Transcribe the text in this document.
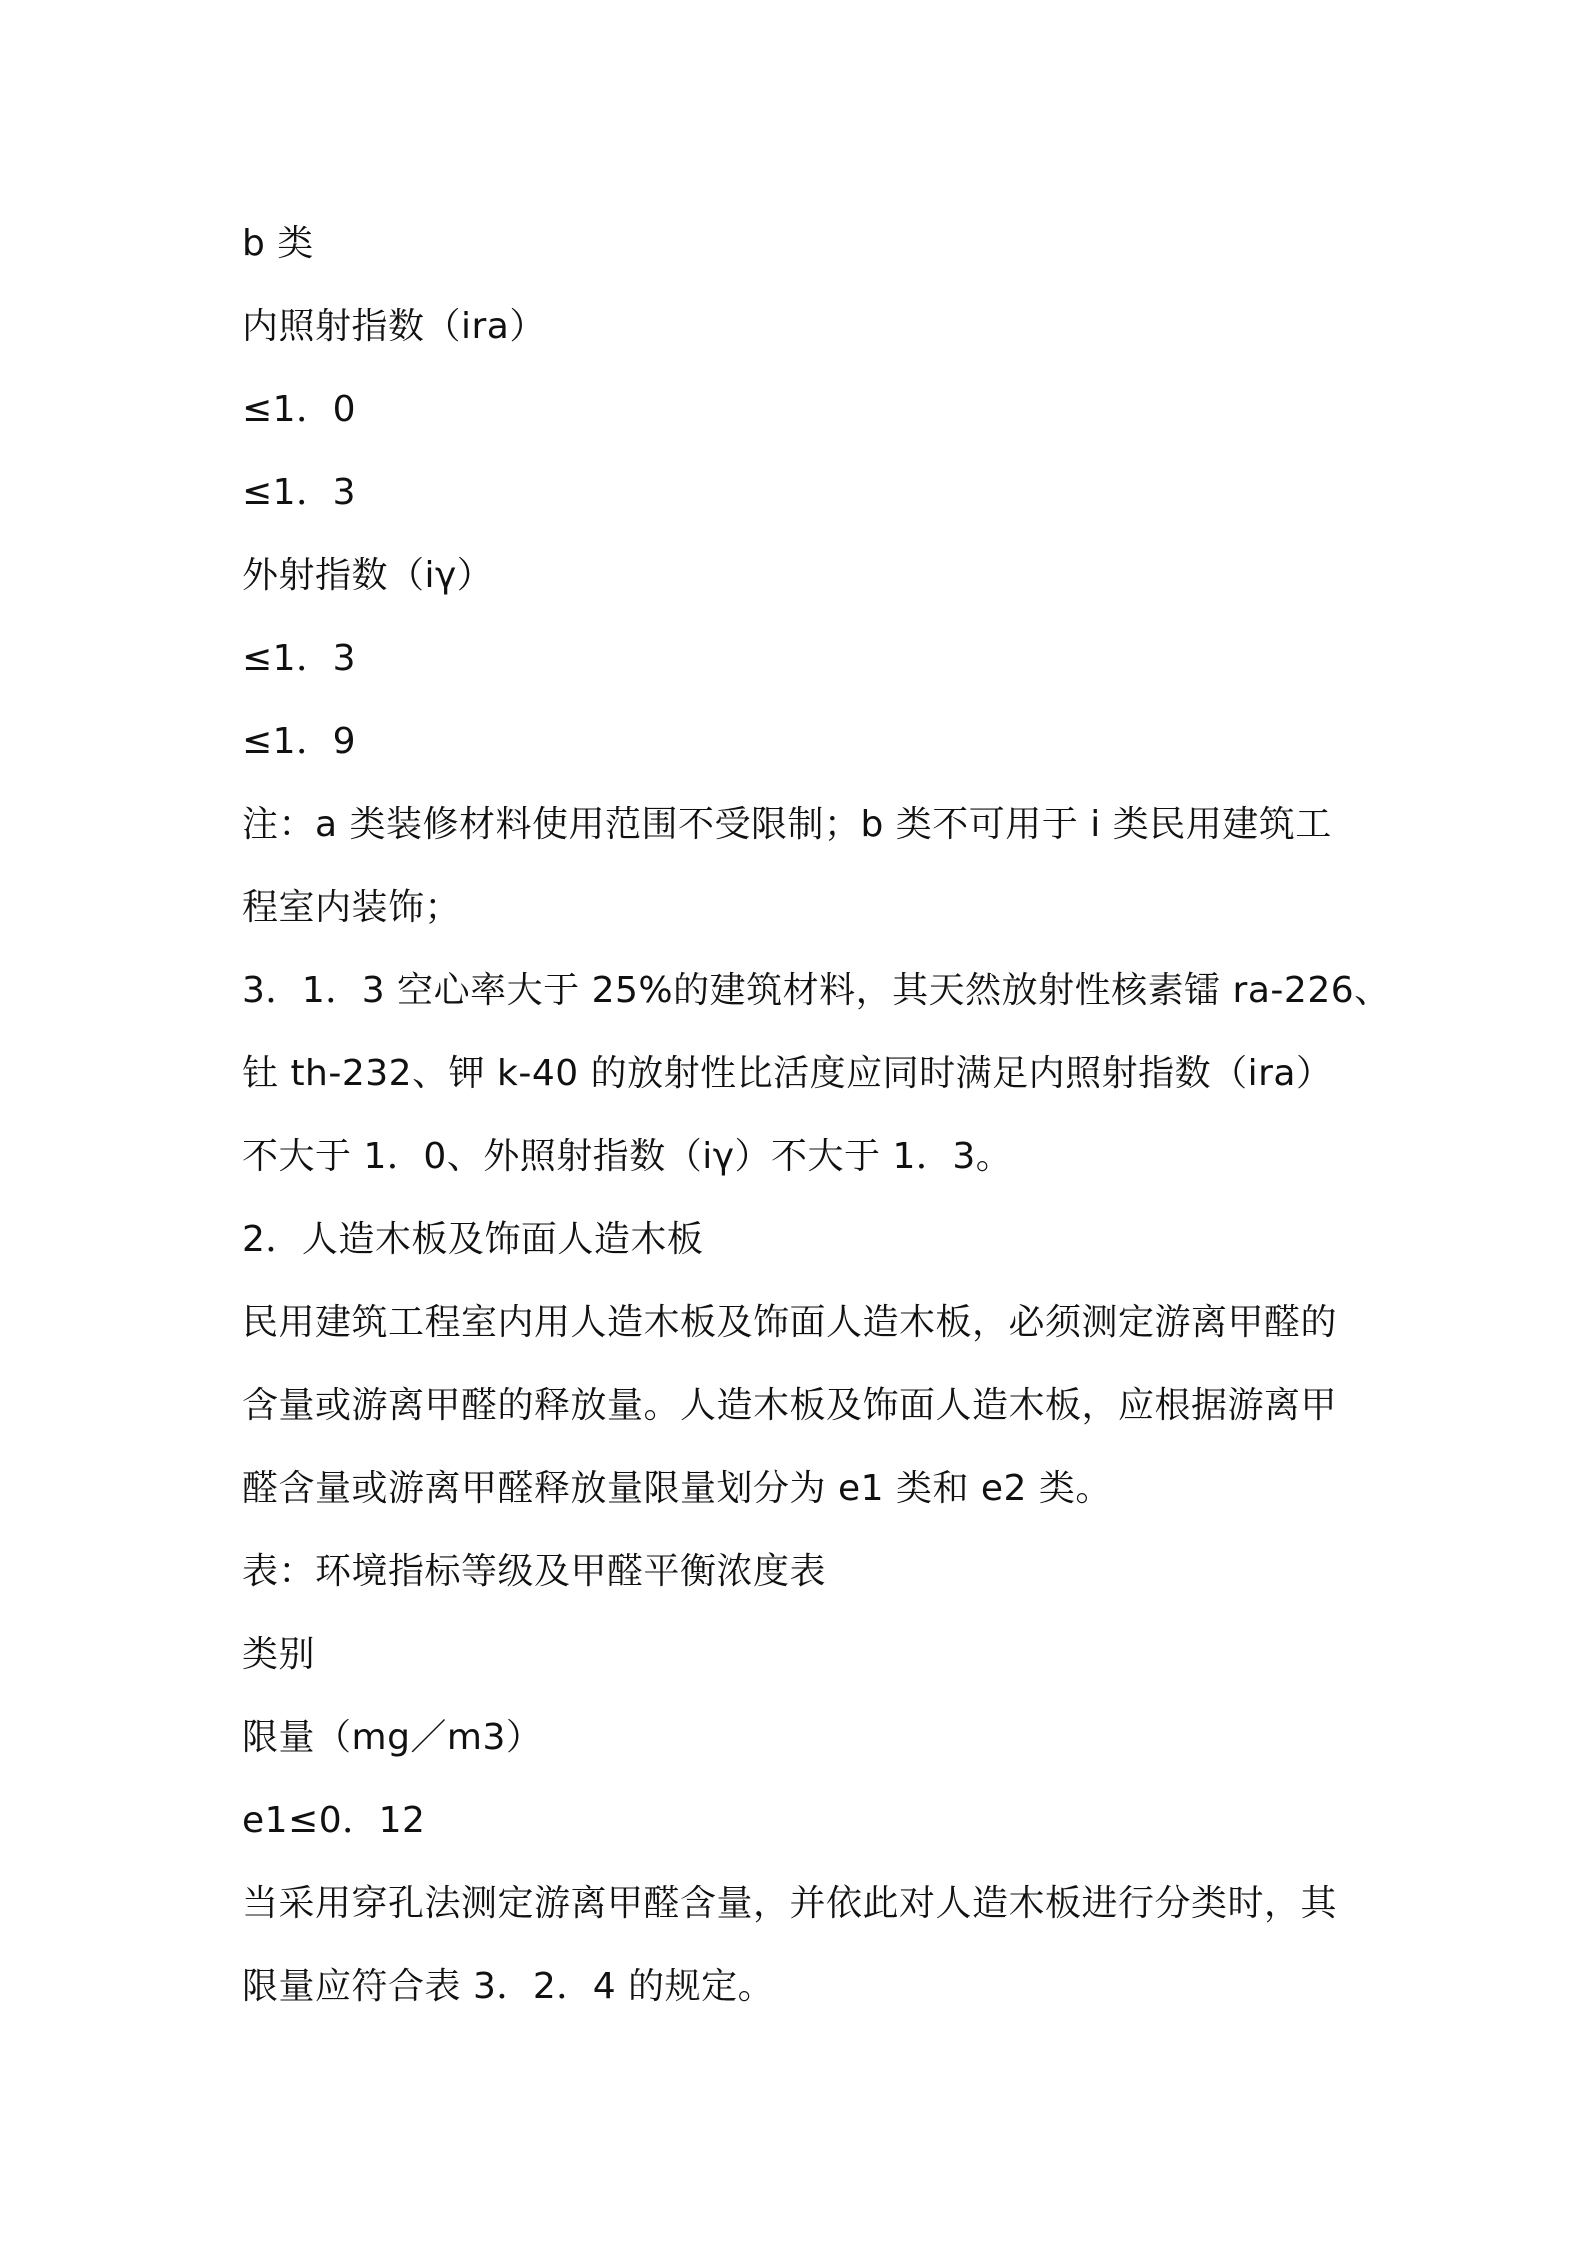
b 类

内照射指数（ira）

≤1．0

≤1．3

外射指数（iγ）

≤1．3

≤1．9

注：a 类装修材料使用范围不受限制；b 类不可用于 i 类民用建筑工

程室内装饰；

3．1．3 空心率大于 25%的建筑材料，其天然放射性核素镭 ra-226、

钍 th-232、钾 k-40 的放射性比活度应同时满足内照射指数（ira）

不大于 1．0、外照射指数（iγ）不大于 1．3。

2．人造木板及饰面人造木板

民用建筑工程室内用人造木板及饰面人造木板，必须测定游离甲醛的

含量或游离甲醛的释放量。人造木板及饰面人造木板，应根据游离甲

醛含量或游离甲醛释放量限量划分为 e1 类和 e2 类。

表：环境指标等级及甲醛平衡浓度表

类别

限量（mg／m3）

e1≤0．12

当采用穿孔法测定游离甲醛含量，并依此对人造木板进行分类时，其

限量应符合表 3．2．4 的规定。
